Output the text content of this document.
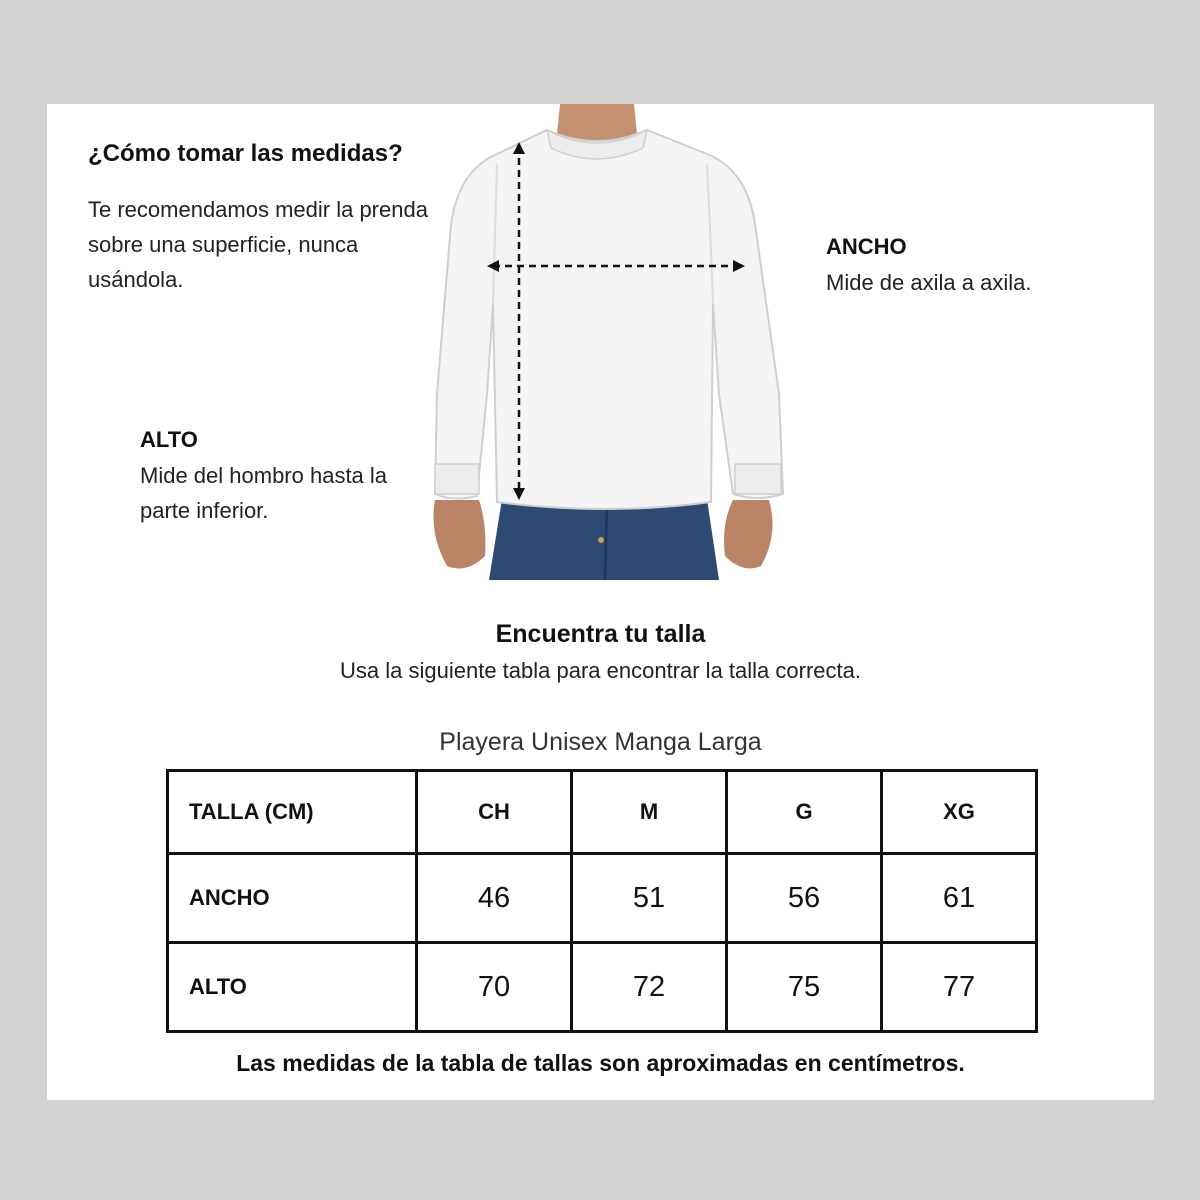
¿Cómo tomar las medidas?
Te recomendamos medir la prenda sobre una superficie, nunca usándola.
ANCHO
Mide de axila a axila.
ALTO
Mide del hombro hasta la parte inferior.
Encuentra tu talla
Usa la siguiente tabla para encontrar la talla correcta.
Playera Unisex Manga Larga
TALLA (CM)	CH	M	G	XG
ANCHO	46	51	56	61
ALTO	70	72	75	77
Las medidas de la tabla de tallas son aproximadas en centímetros.
